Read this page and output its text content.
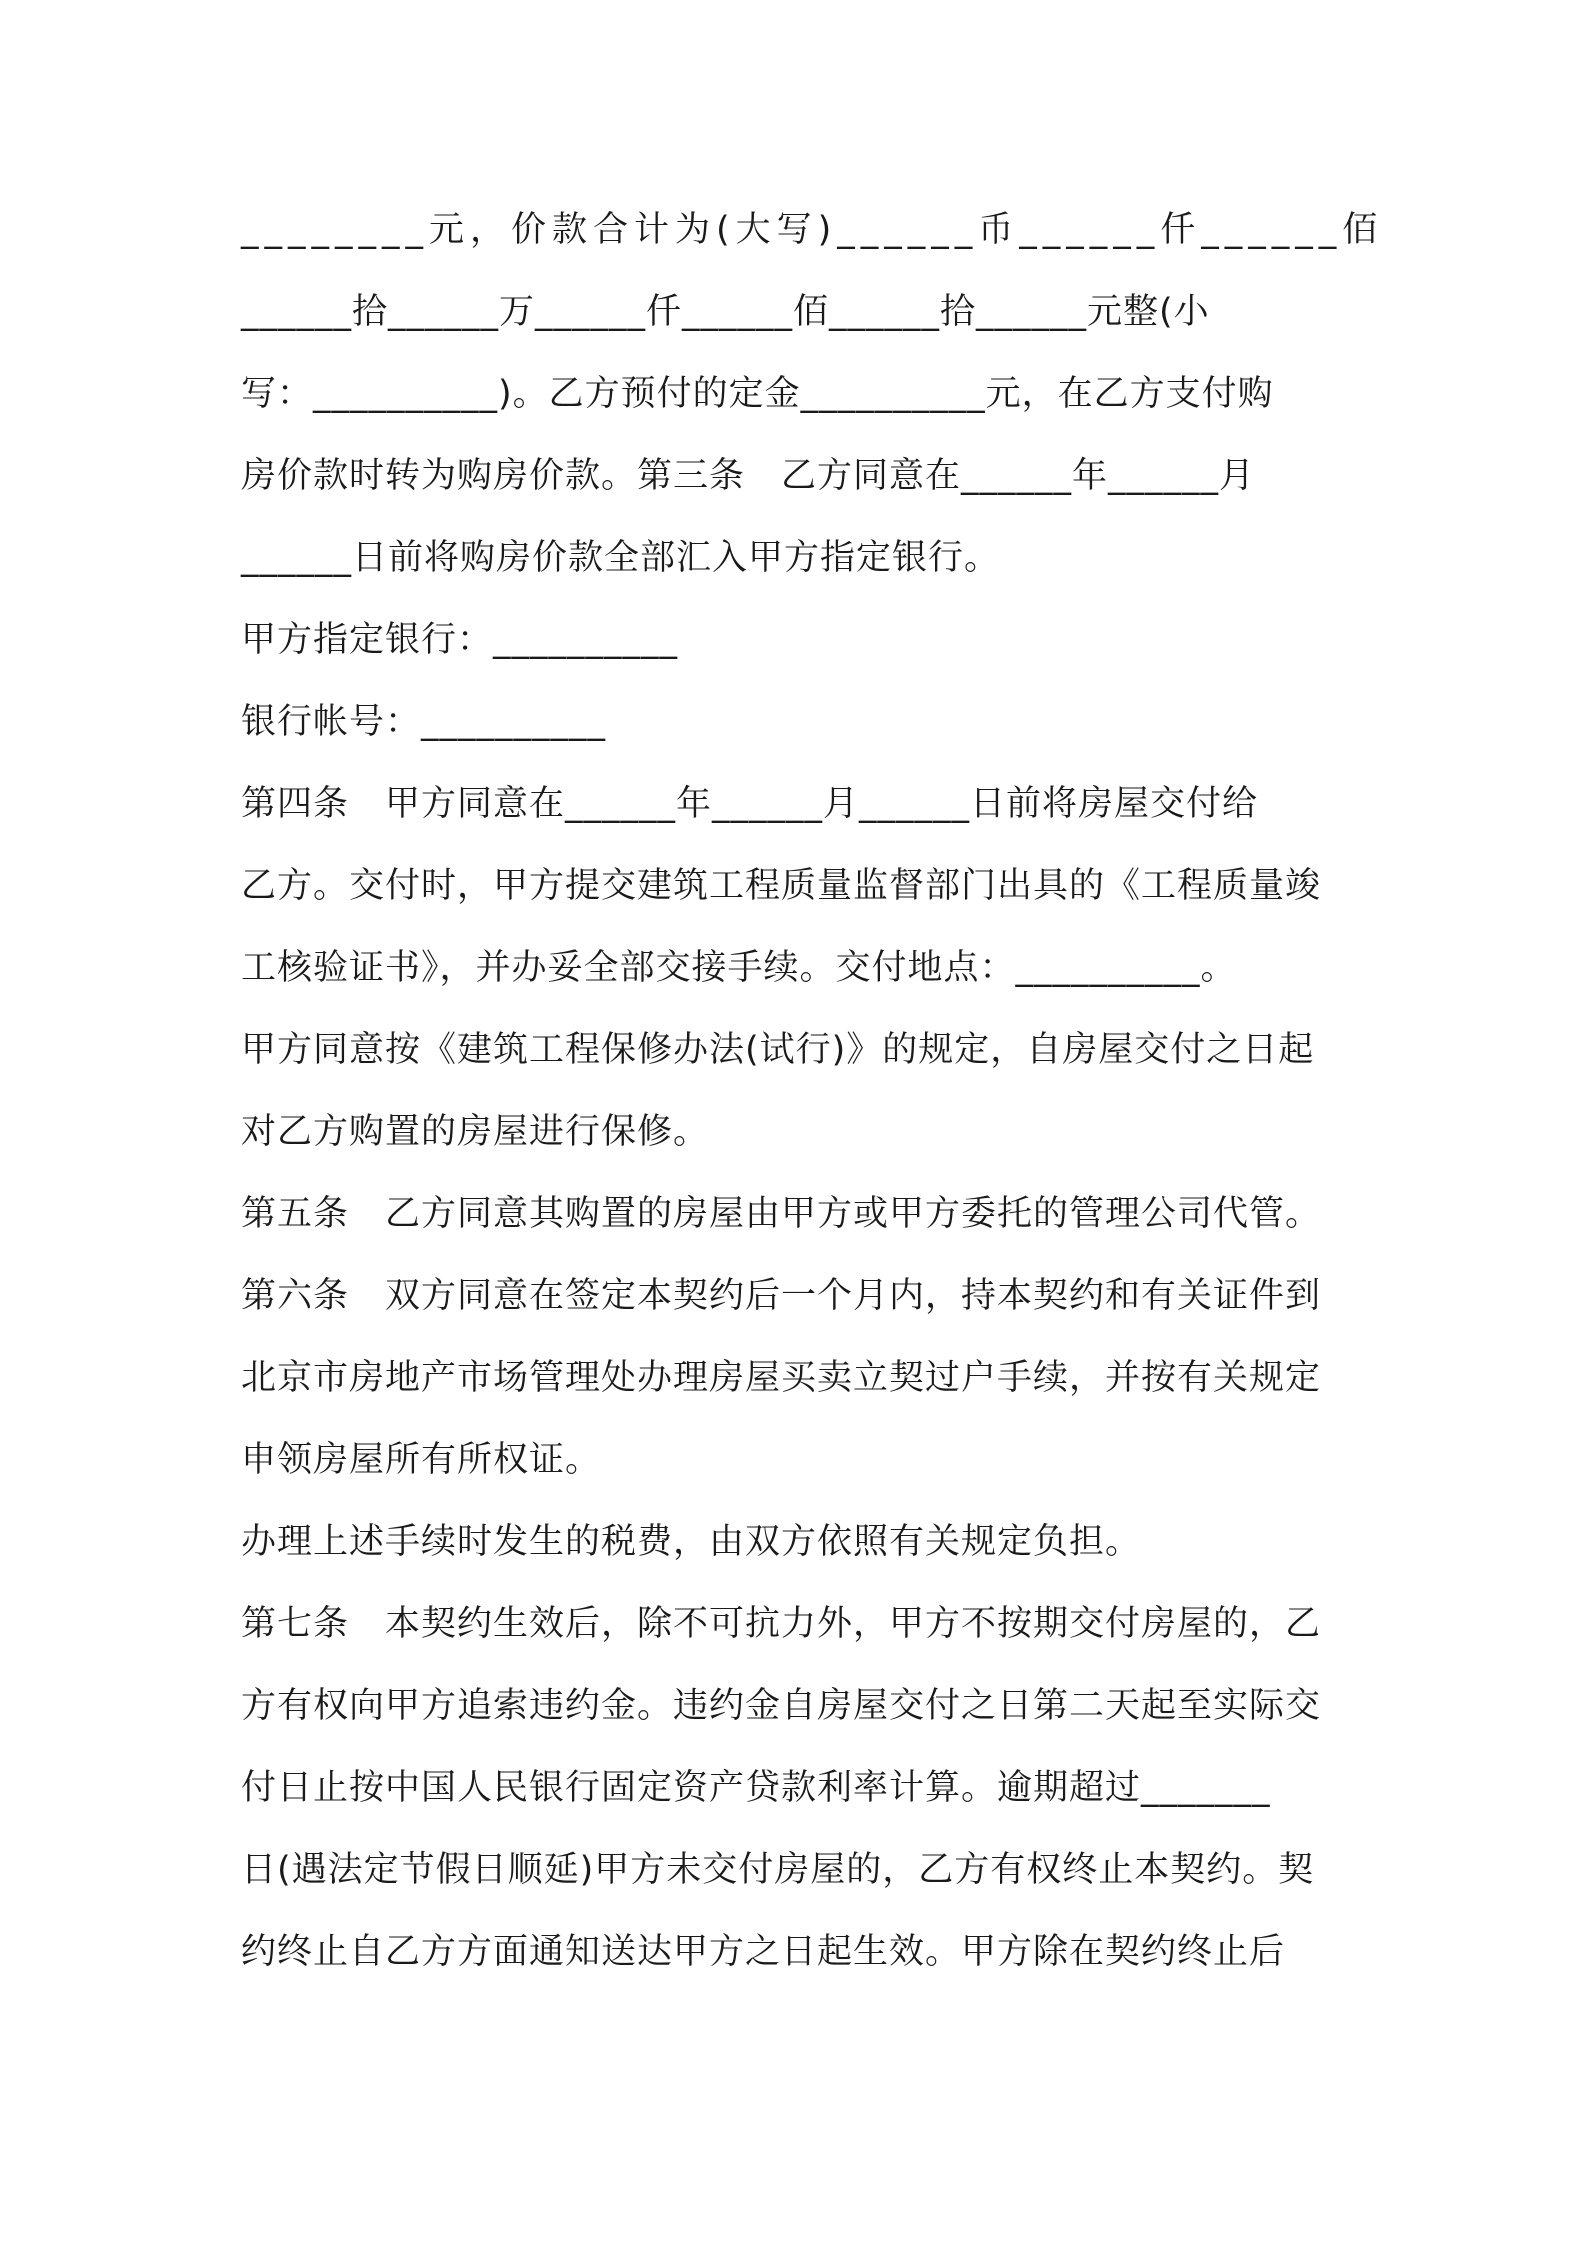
________元，价款合计为(大写)______币______仟______佰
______拾______万______仟______佰______拾______元整(小
写：__________)。乙方预付的定金__________元，在乙方支付购
房价款时转为购房价款。第三条　乙方同意在______年______月
______日前将购房价款全部汇入甲方指定银行。
甲方指定银行：__________
银行帐号：__________
第四条　甲方同意在______年______月______日前将房屋交付给
乙方。交付时，甲方提交建筑工程质量监督部门出具的《工程质量竣
工核验证书》，并办妥全部交接手续。交付地点：__________。
甲方同意按《建筑工程保修办法(试行)》的规定，自房屋交付之日起
对乙方购置的房屋进行保修。
第五条　乙方同意其购置的房屋由甲方或甲方委托的管理公司代管。
第六条　双方同意在签定本契约后一个月内，持本契约和有关证件到
北京市房地产市场管理处办理房屋买卖立契过户手续，并按有关规定
申领房屋所有所权证。
办理上述手续时发生的税费，由双方依照有关规定负担。
第七条　本契约生效后，除不可抗力外，甲方不按期交付房屋的，乙
方有权向甲方追索违约金。违约金自房屋交付之日第二天起至实际交
付日止按中国人民银行固定资产贷款利率计算。逾期超过_______
日(遇法定节假日顺延)甲方未交付房屋的，乙方有权终止本契约。契
约终止自乙方方面通知送达甲方之日起生效。甲方除在契约终止后
